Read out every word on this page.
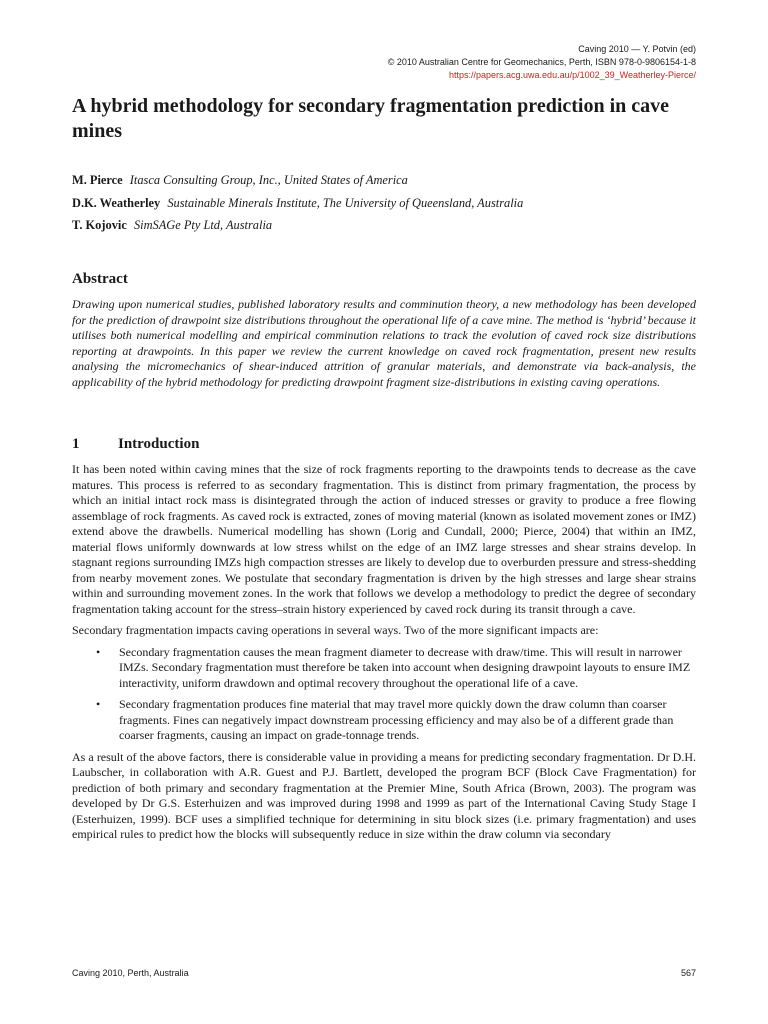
Caving 2010 — Y. Potvin (ed)
© 2010 Australian Centre for Geomechanics, Perth, ISBN 978-0-9806154-1-8
https://papers.acg.uwa.edu.au/p/1002_39_Weatherley-Pierce/
A hybrid methodology for secondary fragmentation prediction in cave mines
M. Pierce Itasca Consulting Group, Inc., United States of America
D.K. Weatherley Sustainable Minerals Institute, The University of Queensland, Australia
T. Kojovic SimSAGe Pty Ltd, Australia
Abstract

Drawing upon numerical studies, published laboratory results and comminution theory, a new methodology has been developed for the prediction of drawpoint size distributions throughout the operational life of a cave mine. The method is ‘hybrid’ because it utilises both numerical modelling and empirical comminution relations to track the evolution of caved rock size distributions reporting at drawpoints. In this paper we review the current knowledge on caved rock fragmentation, present new results analysing the micromechanics of shear-induced attrition of granular materials, and demonstrate via back-analysis, the applicability of the hybrid methodology for predicting drawpoint fragment size-distributions in existing caving operations.

1	Introduction

It has been noted within caving mines that the size of rock fragments reporting to the drawpoints tends to decrease as the cave matures. This process is referred to as secondary fragmentation. This is distinct from primary fragmentation, the process by which an initial intact rock mass is disintegrated through the action of induced stresses or gravity to produce a free flowing assemblage of rock fragments. As caved rock is extracted, zones of moving material (known as isolated movement zones or IMZ) extend above the drawbells. Numerical modelling has shown (Lorig and Cundall, 2000; Pierce, 2004) that within an IMZ, material flows uniformly downwards at low stress whilst on the edge of an IMZ large stresses and shear strains develop. In stagnant regions surrounding IMZs high compaction stresses are likely to develop due to overburden pressure and stress-shedding from nearby movement zones. We postulate that secondary fragmentation is driven by the high stresses and large shear strains within and surrounding movement zones. In the work that follows we develop a methodology to predict the degree of secondary fragmentation taking account for the stress–strain history experienced by caved rock during its transit through a cave.

Secondary fragmentation impacts caving operations in several ways. Two of the more significant impacts are:

• Secondary fragmentation causes the mean fragment diameter to decrease with draw/time. This will result in narrower IMZs. Secondary fragmentation must therefore be taken into account when designing drawpoint layouts to ensure IMZ interactivity, uniform drawdown and optimal recovery throughout the operational life of a cave.
• Secondary fragmentation produces fine material that may travel more quickly down the draw column than coarser fragments. Fines can negatively impact downstream processing efficiency and may also be of a different grade than coarser fragments, causing an impact on grade-tonnage trends.

As a result of the above factors, there is considerable value in providing a means for predicting secondary fragmentation. Dr D.H. Laubscher, in collaboration with A.R. Guest and P.J. Bartlett, developed the program BCF (Block Cave Fragmentation) for prediction of both primary and secondary fragmentation at the Premier Mine, South Africa (Brown, 2003). The program was developed by Dr G.S. Esterhuizen and was improved during 1998 and 1999 as part of the International Caving Study Stage I (Esterhuizen, 1999). BCF uses a simplified technique for determining in situ block sizes (i.e. primary fragmentation) and uses empirical rules to predict how the blocks will subsequently reduce in size within the draw column via secondary

Caving 2010, Perth, Australia	567
